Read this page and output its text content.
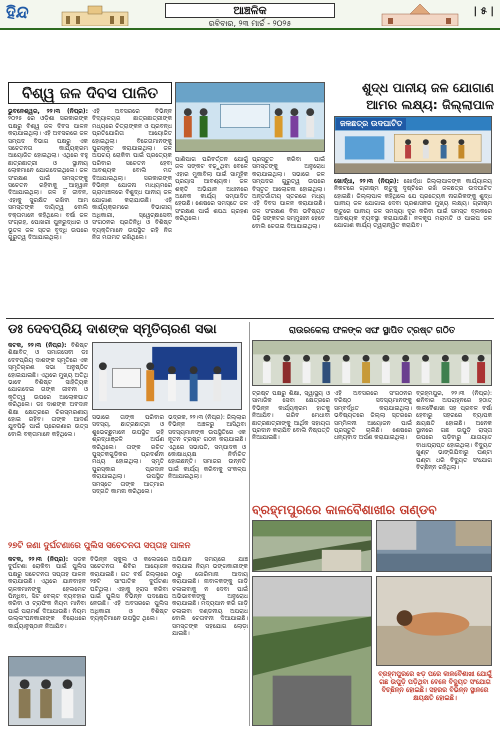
ହିନ୍ଦ	ଆଞ୍ଚଳିକ
ରବିବାର, ୨୩ ମାର୍ଚ୍ଚ - ୨୦୨୫
| ୫ |
ବିଶ୍ୱ ଜଳ ଦିବସ ପାଳିତ

ଭୁବନେଶ୍ୱର, ୨୨।୩ (ନିପ୍ର): ୨୦୨୫ ରେ ଓଡ଼ିଶା ସରକାରଙ୍କ ପକ୍ଷରୁ ବିଶ୍ୱ ଜଳ ଦିବସ ପାଳନ କରାଯାଇଥିଲା। ଏହି ଅବସରରେ ଜଳ ସମ୍ପଦ ବିଭାଗ ପକ୍ଷରୁ ଏକ ସଚେତନତା କାର୍ଯ୍ୟକ୍ରମ ଆୟୋଜିତ ହୋଇଥିଲା। ଏଥିରେ ବହୁ ଛାତ୍ରଛାତ୍ରୀ ଓ ସ୍ଥାନୀୟ ଲୋକମାନେ ଯୋଗଦେଇଥିଲେ। ଜଳ ସଂରକ୍ଷଣ ପାଇଁ ସମସ୍ତଙ୍କୁ ସଚେତନ ରହିବାକୁ ଆହ୍ୱାନ ଦିଆଯାଇଥିଲା। ଜଳ ହିଁ ଜୀବନ, ଏହାକୁ ସୁରକ୍ଷିତ ରଖିବା ଆମ ସମସ୍ତଙ୍କ ଦାୟିତ୍ୱ ବୋଲି ବକ୍ତାମାନେ କହିଥିଲେ। ବର୍ଷା ଜଳ ସଂଗ୍ରହ, ପୋଖରୀ ପୁନରୁଦ୍ଧାର ଓ ଭୂତଳ ଜଳ ସ୍ତର ବୃଦ୍ଧି ଉପରେ ଗୁରୁତ୍ୱ ଦିଆଯାଇଥିଲା।

ଏହି ଅବସରରେ ବିଭିନ୍ନ ବିଦ୍ୟାଳୟର ଛାତ୍ରଛାତ୍ରୀଙ୍କ ମଧ୍ୟରେ ଚିତ୍ରାଙ୍କନ ଓ ପ୍ରବନ୍ଧ ପ୍ରତିଯୋଗିତା ଆୟୋଜିତ ହୋଇଥିଲା। ବିଜେତାମାନଙ୍କୁ ପୁରସ୍କୃତ କରାଯାଇଥିଲା। ଜଳ ଅପଚୟ ରୋକିବା ପାଇଁ ପ୍ରତ୍ୟେକ ପରିବାର ସଚେତନ ହେବା ଆବଶ୍ୟକ ବୋଲି ମତ ଦିଆଯାଇଥିଲା। ସରକାରଙ୍କ ବିଭିନ୍ନ ଯୋଜନା ମାଧ୍ୟମରେ ଗ୍ରାମାଞ୍ଚଳରେ ବିଶୁଦ୍ଧ ପାନୀୟ ଜଳ ଯୋଗାଣ କରାଯାଉଛି। ଏହି କାର୍ଯ୍ୟକ୍ରମରେ ବିଭାଗୀୟ ଅଧିକାରୀ, ସ୍ୱେଚ୍ଛାସେବୀ ସଂଗଠନର ପ୍ରତିନିଧି ଓ ବିଶିଷ୍ଟ ବ୍ୟକ୍ତିମାନେ ଉପସ୍ଥିତ ରହି ନିଜ ନିଜ ମତାମତ ରଖିଥିଲେ।

ପାଣିପାଗ ପରିବର୍ତ୍ତନ ଯୋଗୁଁ ଜଳ ସଙ୍କଟ ବଢ଼ୁଥିବା ବେଳେ ଏହାର ମୁକାବିଲା ପାଇଁ ସାମୂହିକ ପ୍ରୟାସ ଆବଶ୍ୟକ। ଜଳ ଶକ୍ତି ଅଭିଯାନ ଅଧୀନରେ ଅନେକ କାର୍ଯ୍ୟ ସମ୍ପାଦିତ ହେଉଛି। ଶେଷରେ ସମସ୍ତେ ଜଳ ସଂରକ୍ଷଣ ପାଇଁ ଶପଥ ଗ୍ରହଣ କରିଥିଲେ।

ପ୍ରସ୍ତୁତ କରିବା ପାଇଁ ସମସ୍ତଙ୍କୁ ଅନୁରୋଧ କରାଯାଇଥିଲା। ସଭାରେ ଜଳ ସମ୍ପଦର ଗୁରୁତ୍ୱ ଉପରେ ବିସ୍ତୃତ ଆଲୋଚନା ହୋଇଥିଲା। ଅନ୍ତର୍ଜାତୀୟ ସ୍ତରରେ ମଧ୍ୟ ଏହି ଦିବସ ପାଳନ କରାଯାଉଛି। ଜଳ ସଂରକ୍ଷଣ ବିନା ଭବିଷ୍ୟତ ପିଢ଼ି ସଙ୍କଟର ସମ୍ମୁଖୀନ ହେବେ ବୋଲି ଚେତାଇ ଦିଆଯାଇଥିଲା।

ଶୁଦ୍ଧ ପାନୀୟ ଜଳ ଯୋଗାଣ
ଆମର ଲକ୍ଷ୍ୟ: ଜିଲ୍ଲାପାଳ
ଜଳଛତ୍ର ଉଦଘାଟିତ

ଖୋର୍ଦ୍ଧା, ୨୨।୩ (ନିପ୍ର): ଖୋର୍ଦ୍ଧା ଜିଲ୍ଲାପାଳଙ୍କ କାର୍ଯ୍ୟାଳୟ ନିକଟରେ ଗ୍ରୀଷ୍ମ ଋତୁକୁ ଦୃଷ୍ଟିରେ ରଖି ଜଳଛତ୍ର ଉଦଘାଟିତ ହୋଇଛି। ଜିଲ୍ଲାପାଳ କହିଥିଲେ ଯେ ପ୍ରତ୍ୟେକ ନାଗରିକଙ୍କୁ ଶୁଦ୍ଧ ପାନୀୟ ଜଳ ଯୋଗାଇ ଦେବା ପ୍ରଶାସନର ମୁଖ୍ୟ ଲକ୍ଷ୍ୟ। ଗ୍ରୀଷ୍ମ ଋତୁରେ ପାନୀୟ ଜଳ ସମସ୍ୟା ଦୂର କରିବା ପାଇଁ ସମସ୍ତ ବ୍ଲକରେ ଆବଶ୍ୟକ ବ୍ୟବସ୍ଥା କରାଯାଉଛି। ନଳକୂପ ମରାମତି ଓ ପାଇପ ଜଳ ଯୋଗାଣ କାର୍ଯ୍ୟ ତ୍ୱରାନ୍ୱିତ କରାଯିବ।

ଡଃ ଦେବପ୍ରିୟ ଦାଶଙ୍କ ସ୍ମୃତିଚାରଣ ସଭା

କଟକ, ୨୨।୩ (ନିପ୍ର): ବିଶିଷ୍ଟ ଶିକ୍ଷାବିତ୍ ଓ ସମାଜସେବୀ ଡଃ ଦେବପ୍ରିୟ ଦାଶଙ୍କ ସ୍ମୃତିରେ ଏକ ସ୍ମୃତିଚାରଣ ସଭା ଅନୁଷ୍ଠିତ ହୋଇଯାଇଛି। ଏଥିରେ ମୁଖ୍ୟ ଅତିଥି ଭାବେ ବିଶିଷ୍ଟ ସାହିତ୍ୟିକ ଯୋଗଦେଇ ତାଙ୍କ ଜୀବନୀ ଓ କୃତିତ୍ୱ ଉପରେ ଆଲୋକପାତ କରିଥିଲେ। ଡଃ ଦାଶଙ୍କ ଅବଦାନ ଶିକ୍ଷା କ୍ଷେତ୍ରରେ ଚିରସ୍ମରଣୀୟ ହୋଇ ରହିବ। ତାଙ୍କ ଆଦର୍ଶ ଯୁବପିଢ଼ି ପାଇଁ ପ୍ରେରଣାର ଉତ୍ସ ବୋଲି ବକ୍ତାମାନେ କହିଥିଲେ।

ସଭାରେ ତାଙ୍କ ପରିବାର ସଦସ୍ୟ, ଛାତ୍ରଛାତ୍ରୀ ଓ ଶୁଭେଚ୍ଛୁମାନେ ଉପସ୍ଥିତ ରହି ଶ୍ରଦ୍ଧାଞ୍ଜଳି ଅର୍ପଣ କରିଥିଲେ। ତାଙ୍କ ରଚିତ ପୁସ୍ତକଗୁଡ଼ିକର ପ୍ରଦର୍ଶନୀ ମଧ୍ୟ ହୋଇଥିଲା। ସ୍ମୃତି ପୁରସ୍କାର ପ୍ରଦାନ କରାଯାଇଥିଲା। ଉପସ୍ଥିତ ସମସ୍ତେ ତାଙ୍କ ଆତ୍ମାର ସଦ୍ଗତି କାମନା କରିଥିଲେ।

ରାଉରକେଲା ଫଳଙ୍କ ସଙ୍ଘ ସ୍ଥାପିତ ଟ୍ରଷ୍ଟ ଗଠିତ

ଭଦ୍ରକ, ୨୨।୩ (ନିପ୍ର): ଜିଲ୍ଲାର ବିଭିନ୍ନ ଅଞ୍ଚଳରୁ ଆସିଥିବା ସଦସ୍ୟମାନଙ୍କ ଉପସ୍ଥିତିରେ ଏକ ନୂତନ ଟ୍ରଷ୍ଟ ଗଠନ କରାଯାଇଛି। ଏଥିରେ ସଭାପତି, ସମ୍ପାଦକ ଓ କୋଷାଧ୍ୟକ୍ଷ ନିର୍ବାଚିତ ହୋଇଛନ୍ତି। ସମାଜର ଉନ୍ନତି ପାଇଁ କାର୍ଯ୍ୟ କରିବାକୁ ସଂକଳ୍ପ ନିଆଯାଇଥିଲା।

ଟ୍ରଷ୍ଟ ପକ୍ଷରୁ ଶିକ୍ଷା, ସ୍ୱାସ୍ଥ୍ୟ ଓ ସାମାଜିକ ସେବା କ୍ଷେତ୍ରରେ ବିଭିନ୍ନ କାର୍ଯ୍ୟକ୍ରମ ହାତକୁ ନିଆଯିବ। ଗରିବ ମେଧାବୀ ଛାତ୍ରଛାତ୍ରୀଙ୍କୁ ଆର୍ଥିକ ସହାୟତା ପ୍ରଦାନ କରାଯିବ ବୋଲି ନିଷ୍ପତ୍ତି ନିଆଯାଇଛି।

ଏହି ଅବସରରେ ସଂଗଠନର ବରିଷ୍ଠ ସଦସ୍ୟମାନଙ୍କୁ ସମ୍ବର୍ଦ୍ଧିତ କରାଯାଇଥିଲା। ଭବିଷ୍ୟତରେ ଜିଲ୍ଲା ସ୍ତରରେ ସମ୍ମିଳନୀ ଆୟୋଜନ ପାଇଁ ପ୍ରସ୍ତୁତି ଚାଲିଛି। ଶେଷରେ ଧନ୍ୟବାଦ ଅର୍ପଣ କରାଯାଇଥିଲା।

ବ୍ରହ୍ମପୁର, ୨୨।୩ (ନିପ୍ର): ଶନିବାର ଅପରାହ୍ନରେ ହଠାତ୍ କାଳବୈଶାଖୀ ସହ ପ୍ରବଳ ବର୍ଷା ହେବାରୁ ସହରରେ ବ୍ୟାପକ କ୍ଷୟକ୍ଷତି ହୋଇଛି। ଅନେକ ସ୍ଥାନରେ ଗଛ ଉପୁଡ଼ି ରାସ୍ତା ଉପରେ ପଡ଼ିବାରୁ ଯାତାୟାତ ବାଧାପ୍ରାପ୍ତ ହୋଇଥିଲା। ବିଦ୍ୟୁତ ଖୁଣ୍ଟ ଭାଙ୍ଗିଯିବାରୁ ଘଣ୍ଟା ଘଣ୍ଟା ଧରି ବିଦ୍ୟୁତ ସଂଯୋଗ ବିଚ୍ଛିନ୍ନ ରହିଥିଲା।

ବ୍ରହ୍ମପୁରରେ କାଳବୈଶାଖୀର ତାଣ୍ଡବ
ବ୍ରହ୍ମପୁରରେ ଝଡ଼ ପରେ କାଳବୈଶାଖୀ ଯୋଗୁଁ ଗଛ ଉପୁଡ଼ି ପଡ଼ିଥିବା ବେଳେ ବିଦ୍ୟୁତ ସଂଯୋଗ ବିଚ୍ଛିନ୍ନ ହୋଇଛି। ସହରର ବିଭିନ୍ନ ସ୍ଥାନରେ କ୍ଷୟକ୍ଷତି ହୋଇଛି।
୨୭ଟି ଜଣା ଦୁର୍ଘଟଣାରେ ପୁଲିସ ସଚେତନତା ସପ୍ତାହ ପାଳନ

କଟକ, ୨୨।୩ (ନିପ୍ର): ସଡ଼କ ଦୁର୍ଘଟଣା ରୋକିବା ପାଇଁ ପୁଲିସ ପକ୍ଷରୁ ସଚେତନତା ସପ୍ତାହ ପାଳନ କରାଯାଉଛି। ଏଥିରେ ଯାନବାହନ ଚାଳକମାନଙ୍କୁ ହେଲମେଟ ପିନ୍ଧିବା, ସିଟ ବେଲ୍ଟ ବ୍ୟବହାର କରିବା ଓ ଟ୍ରାଫିକ ନିୟମ ମାନିବା ପାଇଁ ପରାମର୍ଶ ଦିଆଯାଉଛି। ନିୟମ ଉଲ୍ଲଂଘନକାରୀଙ୍କ ବିରୋଧରେ କାର୍ଯ୍ୟାନୁଷ୍ଠାନ ନିଆଯିବ।

ବିଭିନ୍ନ ସ୍କୁଲ ଓ କଲେଜରେ ସଚେତନତା ଶିବିର ଆୟୋଜନ କରାଯାଇଛି। ଗତ ବର୍ଷ ଜିଲ୍ଲାରେ ୨୭ଟି ସାଂଘାତିକ ଦୁର୍ଘଟଣା ଘଟିଥିଲା। ଏହାକୁ ହ୍ରାସ କରିବା ପାଇଁ ପୁଲିସ ବିଭିନ୍ନ ପଦକ୍ଷେପ ନେଉଛି। ଏହି ଅବସରରେ ପୁଲିସ ଅଧିକାରୀ ଓ ବିଶିଷ୍ଟ ବ୍ୟକ୍ତିମାନେ ଉପସ୍ଥିତ ଥିଲେ।

ଅଭିଯାନ ସମୟରେ ଯାଞ୍ଚ କରାଯାଇ ନିୟମ ଭଙ୍ଗକାରୀଙ୍କ ଠାରୁ ଜୋରିମାନା ଆଦାୟ କରାଯାଇଛି। ନାବାଳକଙ୍କୁ ଗାଡ଼ି ଚଳାଇବାକୁ ନ ଦେବା ପାଇଁ ଅଭିଭାବକଙ୍କୁ ଅନୁରୋଧ କରାଯାଇଛି। ମଦ୍ୟପାନ କରି ଗାଡ଼ି ଚଳାଇବା ଦଣ୍ଡନୀୟ ଅପରାଧ ବୋଲି ଚେତାବନୀ ଦିଆଯାଇଛି। ସମସ୍ତଙ୍କ ସହଯୋଗ ଲୋଡ଼ା ଯାଇଛି।
